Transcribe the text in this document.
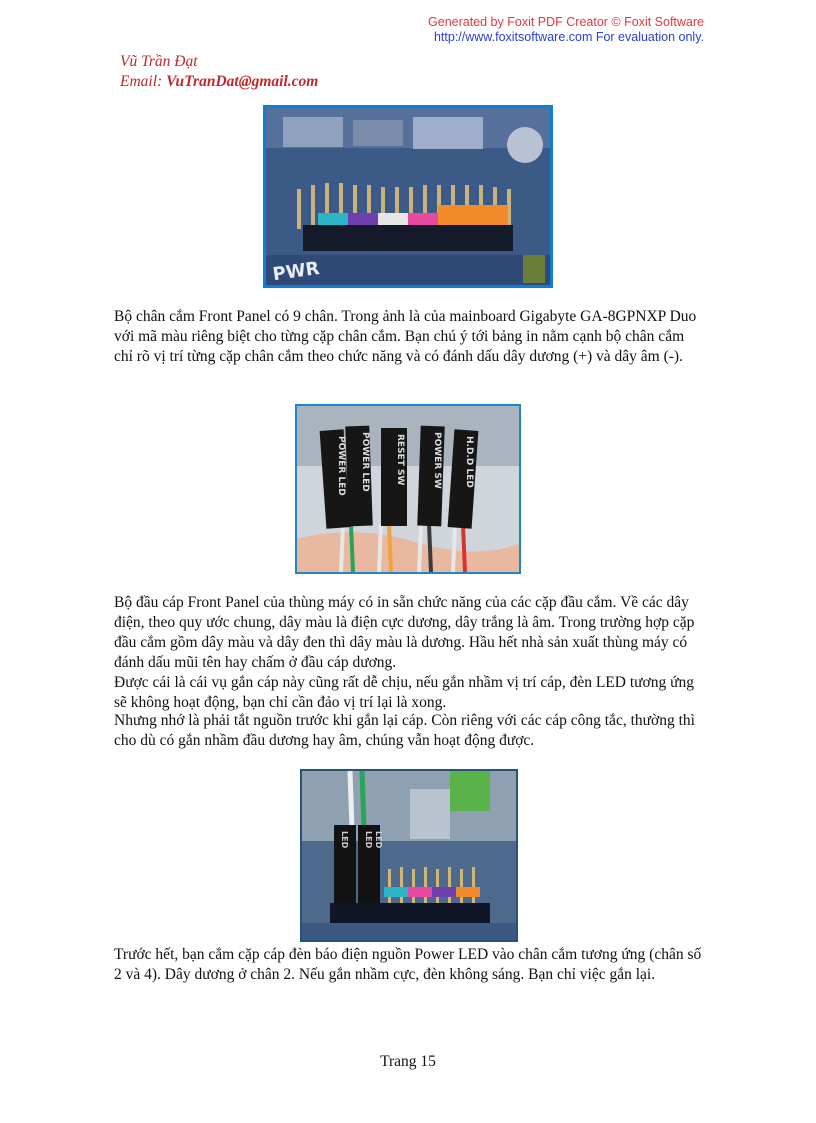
Generated by Foxit PDF Creator © Foxit Software
http://www.foxitsoftware.com For evaluation only.
Vũ Trần Đạt
Email: VuTranDat@gmail.com
PWR
Bộ chân cắm Front Panel có 9 chân. Trong ảnh là của mainboard Gigabyte GA-8GPNXP Duo với mã màu riêng biệt cho từng cặp chân cắm. Bạn chú ý tới bảng in nằm cạnh bộ chân cắm chỉ rõ vị trí từng cặp chân cắm theo chức năng và có đánh dấu dây dương (+) và dây âm (-).
POWER LED POWER LED	RESET SW	POWER SW H.D.D LED
Bộ đầu cáp Front Panel của thùng máy có in sẵn chức năng của các cặp đầu cắm. Về các dây điện, theo quy ước chung, dây màu là điện cực dương, dây trắng là âm. Trong trường hợp cặp đầu cắm gồm dây màu và dây đen thì dây màu là dương. Hầu hết nhà sản xuất thùng máy có đánh dấu mũi tên hay chấm ở đầu cáp dương.
Được cái là cái vụ gắn cáp này cũng rất dễ chịu, nếu gắn nhầm vị trí cáp, đèn LED tương ứng sẽ không hoạt động, bạn chỉ cần đảo vị trí lại là xong.
Nhưng nhớ là phải tắt nguồn trước khi gắn lại cáp. Còn riêng với các cáp công tắc, thường thì cho dù có gắn nhầm đầu dương hay âm, chúng vẫn hoạt động được.
LED LED LED
Trước hết, bạn cắm cặp cáp đèn báo điện nguồn Power LED vào chân cắm tương ứng (chân số 2 và 4). Dây dương ở chân 2. Nếu gắn nhầm cực, đèn không sáng. Bạn chỉ việc gắn lại.
Trang 15
